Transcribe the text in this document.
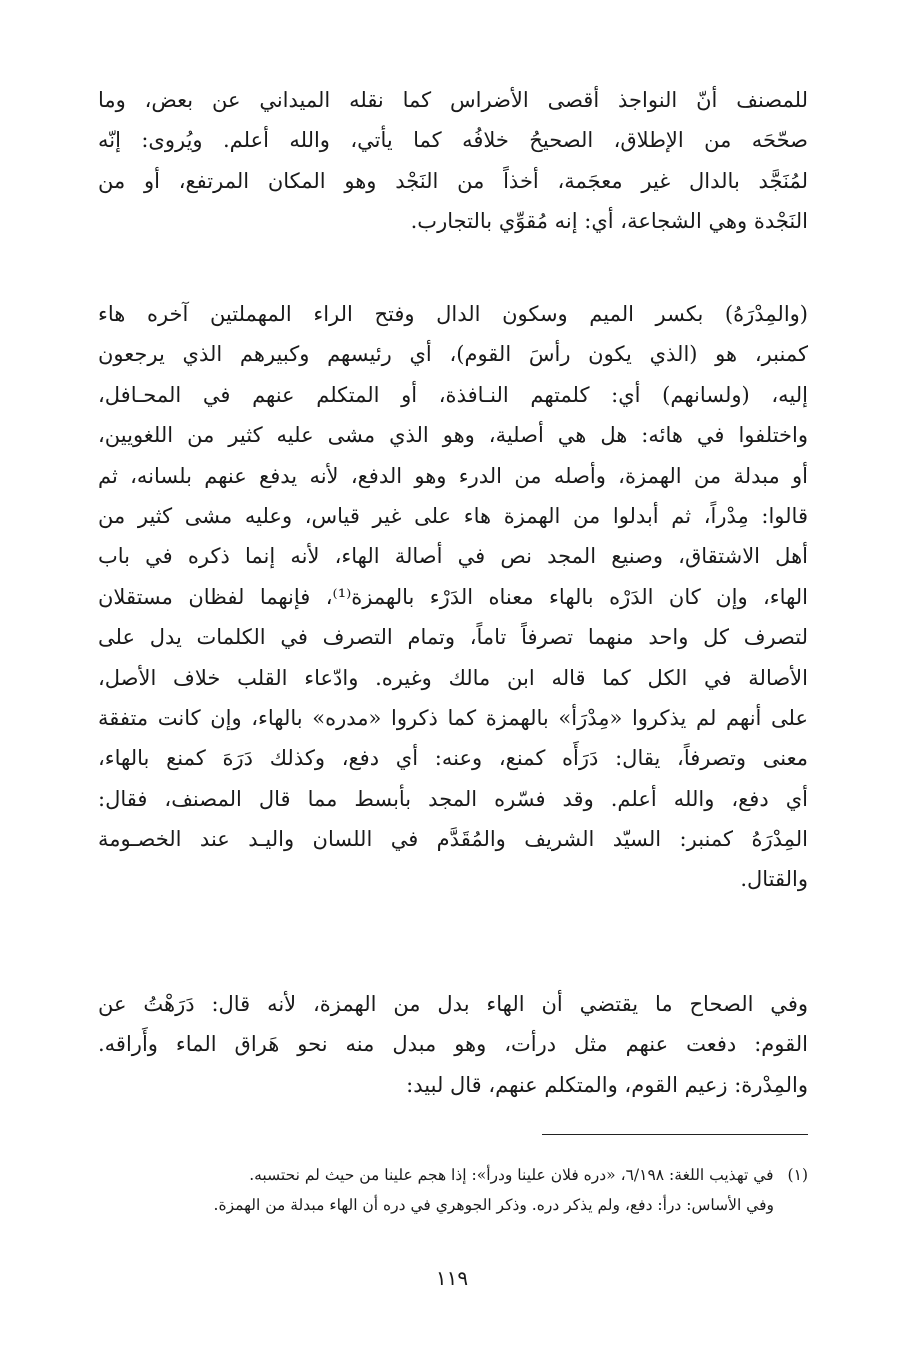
للمصنف أنّ النواجذ أقصى الأضراس كما نقله الميداني عن بعض، وما
صحّحَه من الإطلاق، الصحيحُ خلافُه كما يأتي، والله أعلم. ويُروى: إنّه
لمُنَجَّد بالدال غير معجَمة، أخذاً من النَجْد وهو المكان المرتفع، أو من
النَجْدة وهي الشجاعة، أي: إنه مُقوِّي بالتجارب.
(والمِدْرَهُ) بكسر الميم وسكون الدال وفتح الراء المهملتين آخره هاء
كمنبر، هو (الذي يكون رأسَ القوم)، أي رئيسهم وكبيرهم الذي يرجعون
إليه، (ولسانهم) أي: كلمتهم النـافذة، أو المتكلم عنهم في المحـافل،
واختلفوا في هائه: هل هي أصلية، وهو الذي مشى عليه كثير من اللغويين،
أو مبدلة من الهمزة، وأصله من الدرء وهو الدفع، لأنه يدفع عنهم بلسانه، ثم
قالوا: مِدْراً، ثم أبدلوا من الهمزة هاء على غير قياس، وعليه مشى كثير من
أهل الاشتقاق، وصنيع المجد نص في أصالة الهاء، لأنه إنما ذكره في باب
الهاء، وإن كان الدَرْه بالهاء معناه الدَرْء بالهمزة⁽¹⁾، فإنهما لفظان مستقلان
لتصرف كل واحد منهما تصرفاً تاماً، وتمام التصرف في الكلمات يدل على
الأصالة في الكل كما قاله ابن مالك وغيره. وادّعاء القلب خلاف الأصل،
على أنهم لم يذكروا «مِدْرَأ» بالهمزة كما ذكروا «مدره» بالهاء، وإن كانت متفقة
معنى وتصرفاً، يقال: دَرَأَه كمنع، وعنه: أي دفع، وكذلك دَرَهَ كمنع بالهاء،
أي دفع، والله أعلم. وقد فسّره المجد بأبسط مما قال المصنف، فقال:
المِدْرَهُ كمنبر: السيّد الشريف والمُقَدَّم في اللسان واليـد عند الخصـومة
والقتال.
وفي الصحاح ما يقتضي أن الهاء بدل من الهمزة، لأنه قال: دَرَهْتُ عن
القوم: دفعت عنهم مثل درأت، وهو مبدل منه نحو هَراق الماء وأَراقه.
والمِدْرة: زعيم القوم، والمتكلم عنهم، قال لبيد:
(١)في تهذيب اللغة: ٦/١٩٨، «دره فلان علينا ودرأ»: إذا هجم علينا من حيث لم نحتسبه.
وفي الأساس: درأ: دفع، ولم يذكر دره. وذكر الجوهري في دره أن الهاء مبدلة من الهمزة.
١١٩
